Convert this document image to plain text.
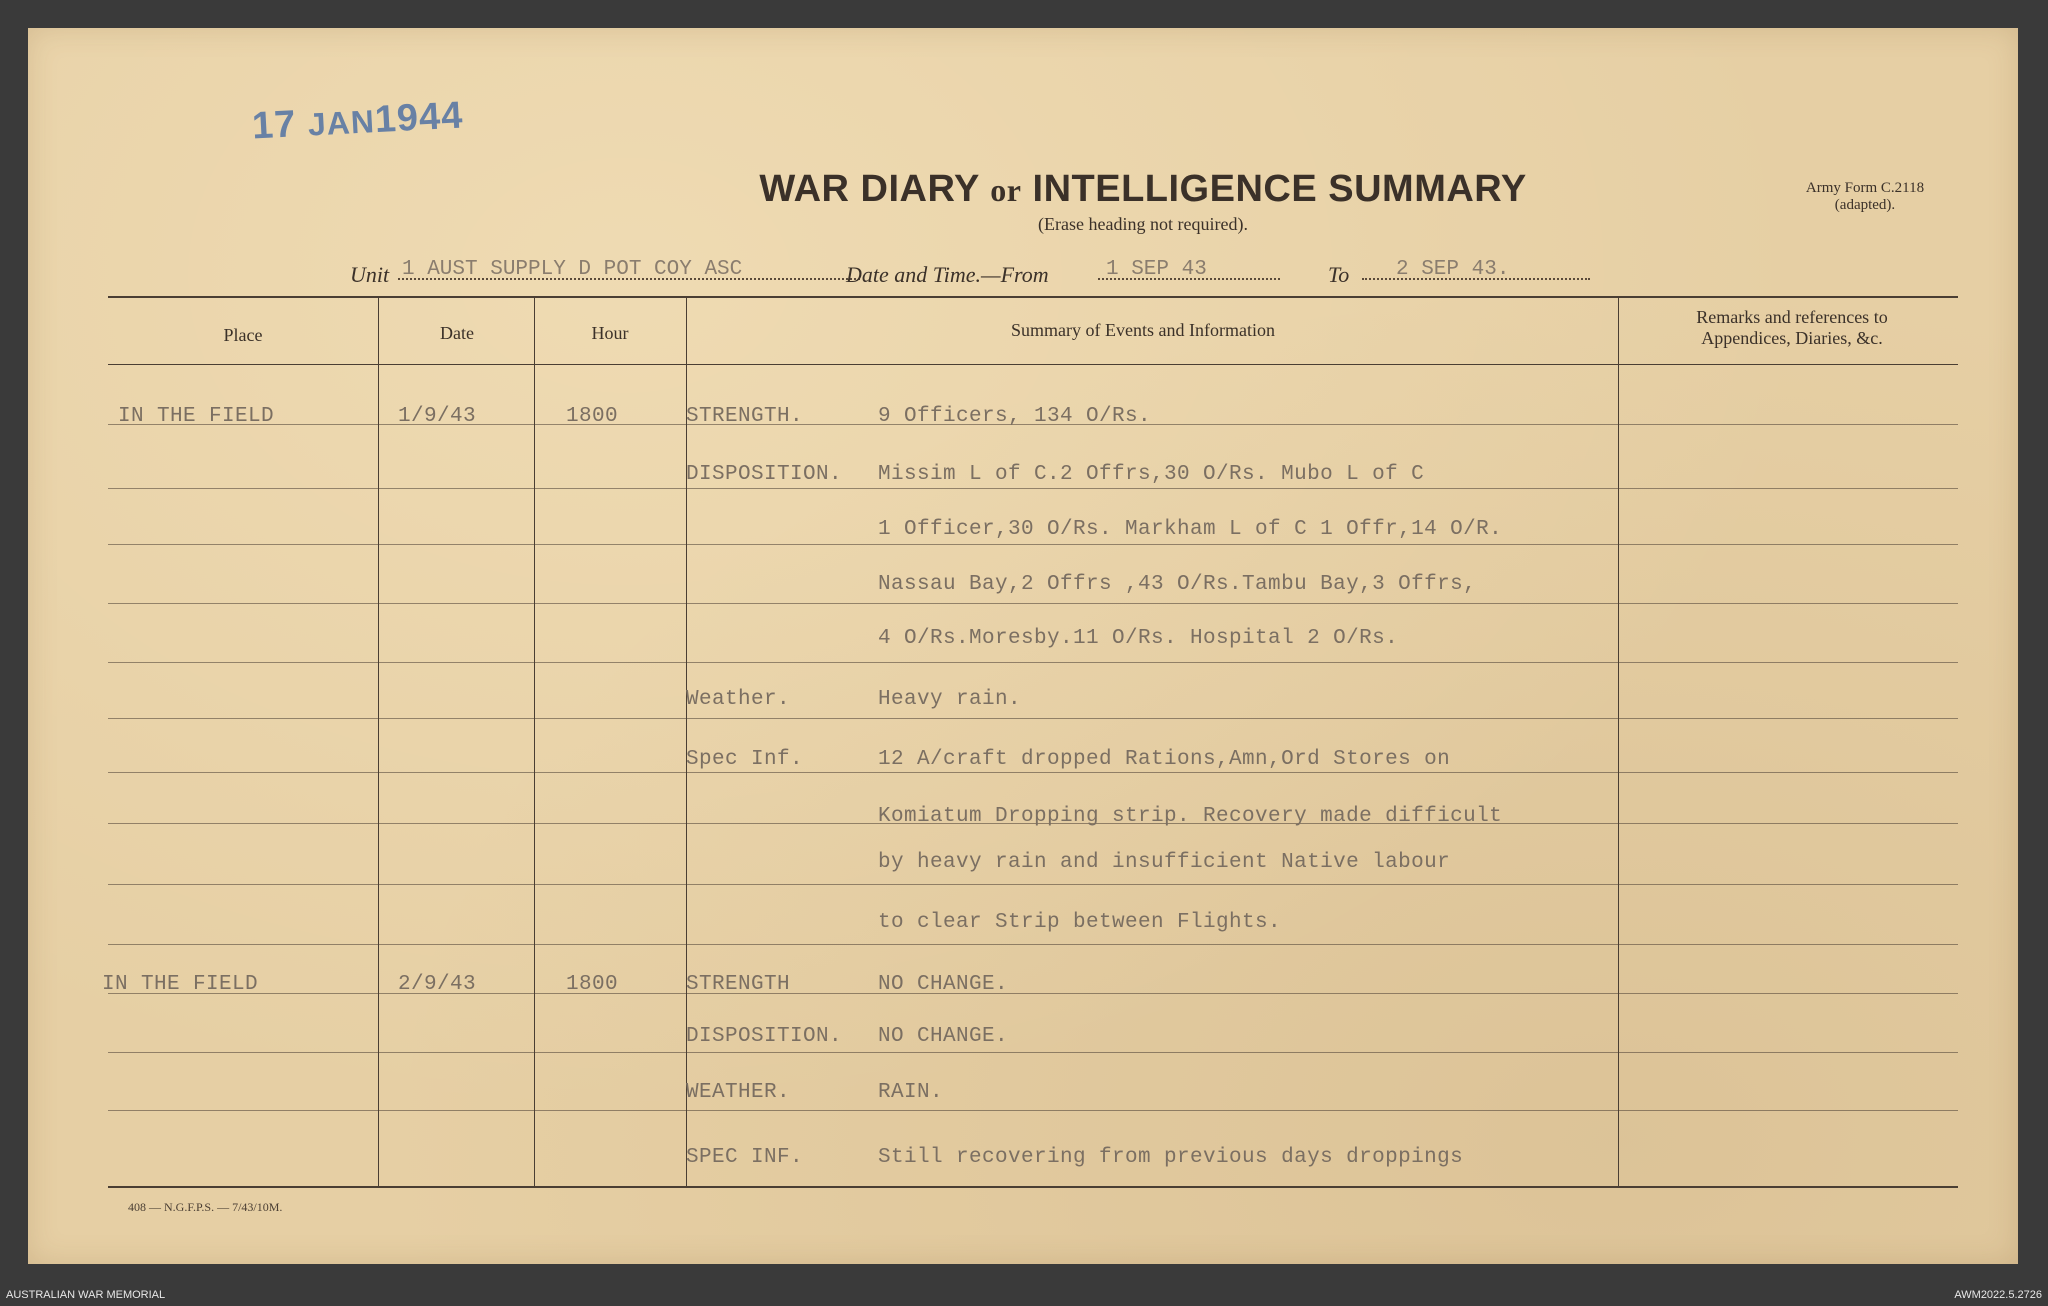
17 JAN1944
WAR DIARY or INTELLIGENCE SUMMARY
(Erase heading not required).
Army Form C.2118
(adapted).
Unit 1 AUST SUPPLY D POT COY ASC	Date and Time.—From	1 SEP 43	To 2 SEP 43.
Place	Date	Hour	Summary of Events and Information
Remarks and references to
Appendices, Diaries, &c.
IN THE FIELD	1/9/43	1800	STRENGTH.	9 Officers, 134 O/Rs.
DISPOSITION. Missim L of C.2 Offrs,30 O/Rs. Mubo L of C
1 Officer,30 O/Rs. Markham L of C 1 Offr,14 O/R.
Nassau Bay,2 Offrs ,43 O/Rs.Tambu Bay,3 Offrs,
4 O/Rs.Moresby.11 O/Rs. Hospital 2 O/Rs.
Weather.	Heavy rain.
Spec Inf.	12 A/craft dropped Rations,Amn,Ord Stores on
Komiatum Dropping strip. Recovery made difficult
by heavy rain and insufficient Native labour
to clear Strip between Flights.
IN THE FIELD	2/9/43	1800	STRENGTH	NO CHANGE.
DISPOSITION. NO CHANGE.
WEATHER.	RAIN.
SPEC INF.	Still recovering from previous days droppings
408 — N.G.F.P.S. — 7/43/10M.
AUSTRALIAN WAR MEMORIAL	AWM2022.5.2726
